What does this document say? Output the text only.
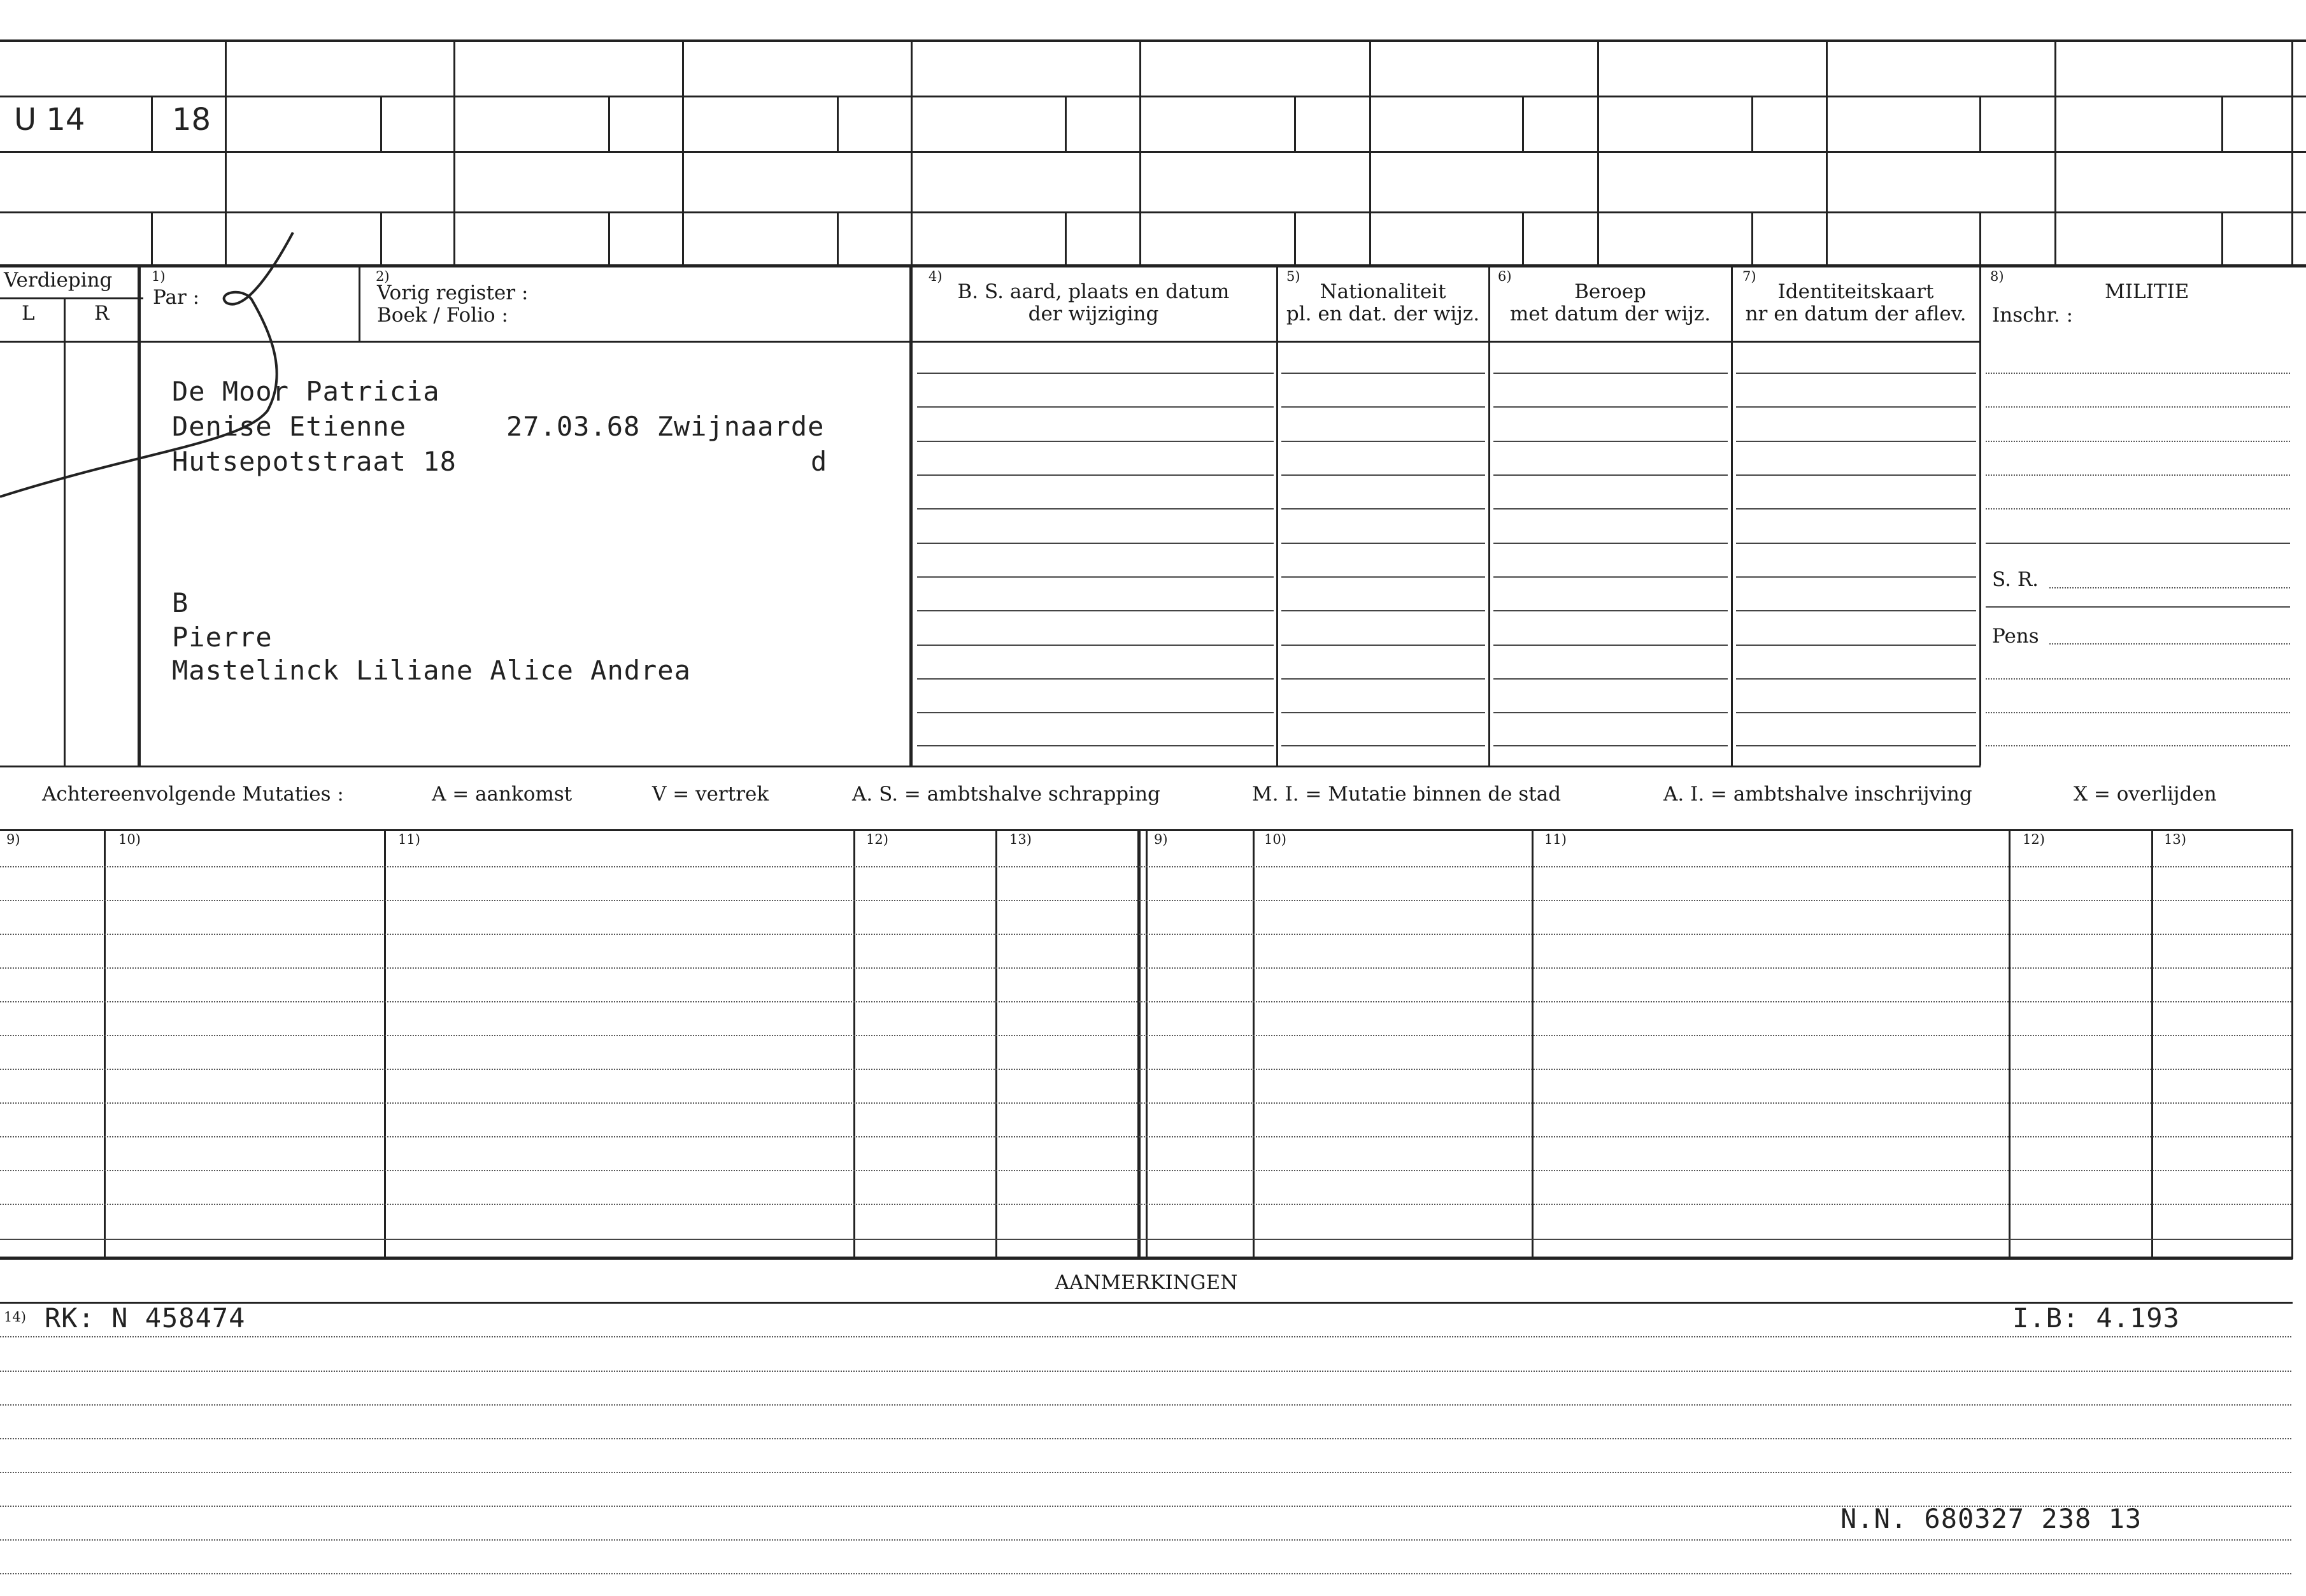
U 14	18
Verdieping
L	R
1)
Par :
2)
Vorig register :
Boek / Folio :
4)
B. S. aard, plaats en datum
der wijziging
5)
Nationaliteit
pl. en dat. der wijz.
6)
Beroep
met datum der wijz.
7)
Identiteitskaart
nr en datum der aflev.
8)
MILITIE
Inschr. :
S. R.
Pens
De Moor Patricia
Denise Etienne	27.03.68 Zwijnaarde
Hutsepotstraat 18	d
B
Pierre
Mastelinck Liliane Alice Andrea
Achtereenvolgende Mutaties :	A = aankomst	V = vertrek	A. S. = ambtshalve schrapping	M. I. = Mutatie binnen de stad	A. I. = ambtshalve inschrijving	X = overlijden
9)	10)	11)	12)	13)	9)	10)	11)	12)	13)
AANMERKINGEN
14) RK: N 458474	I.B: 4.193
N.N. 680327 238 13
